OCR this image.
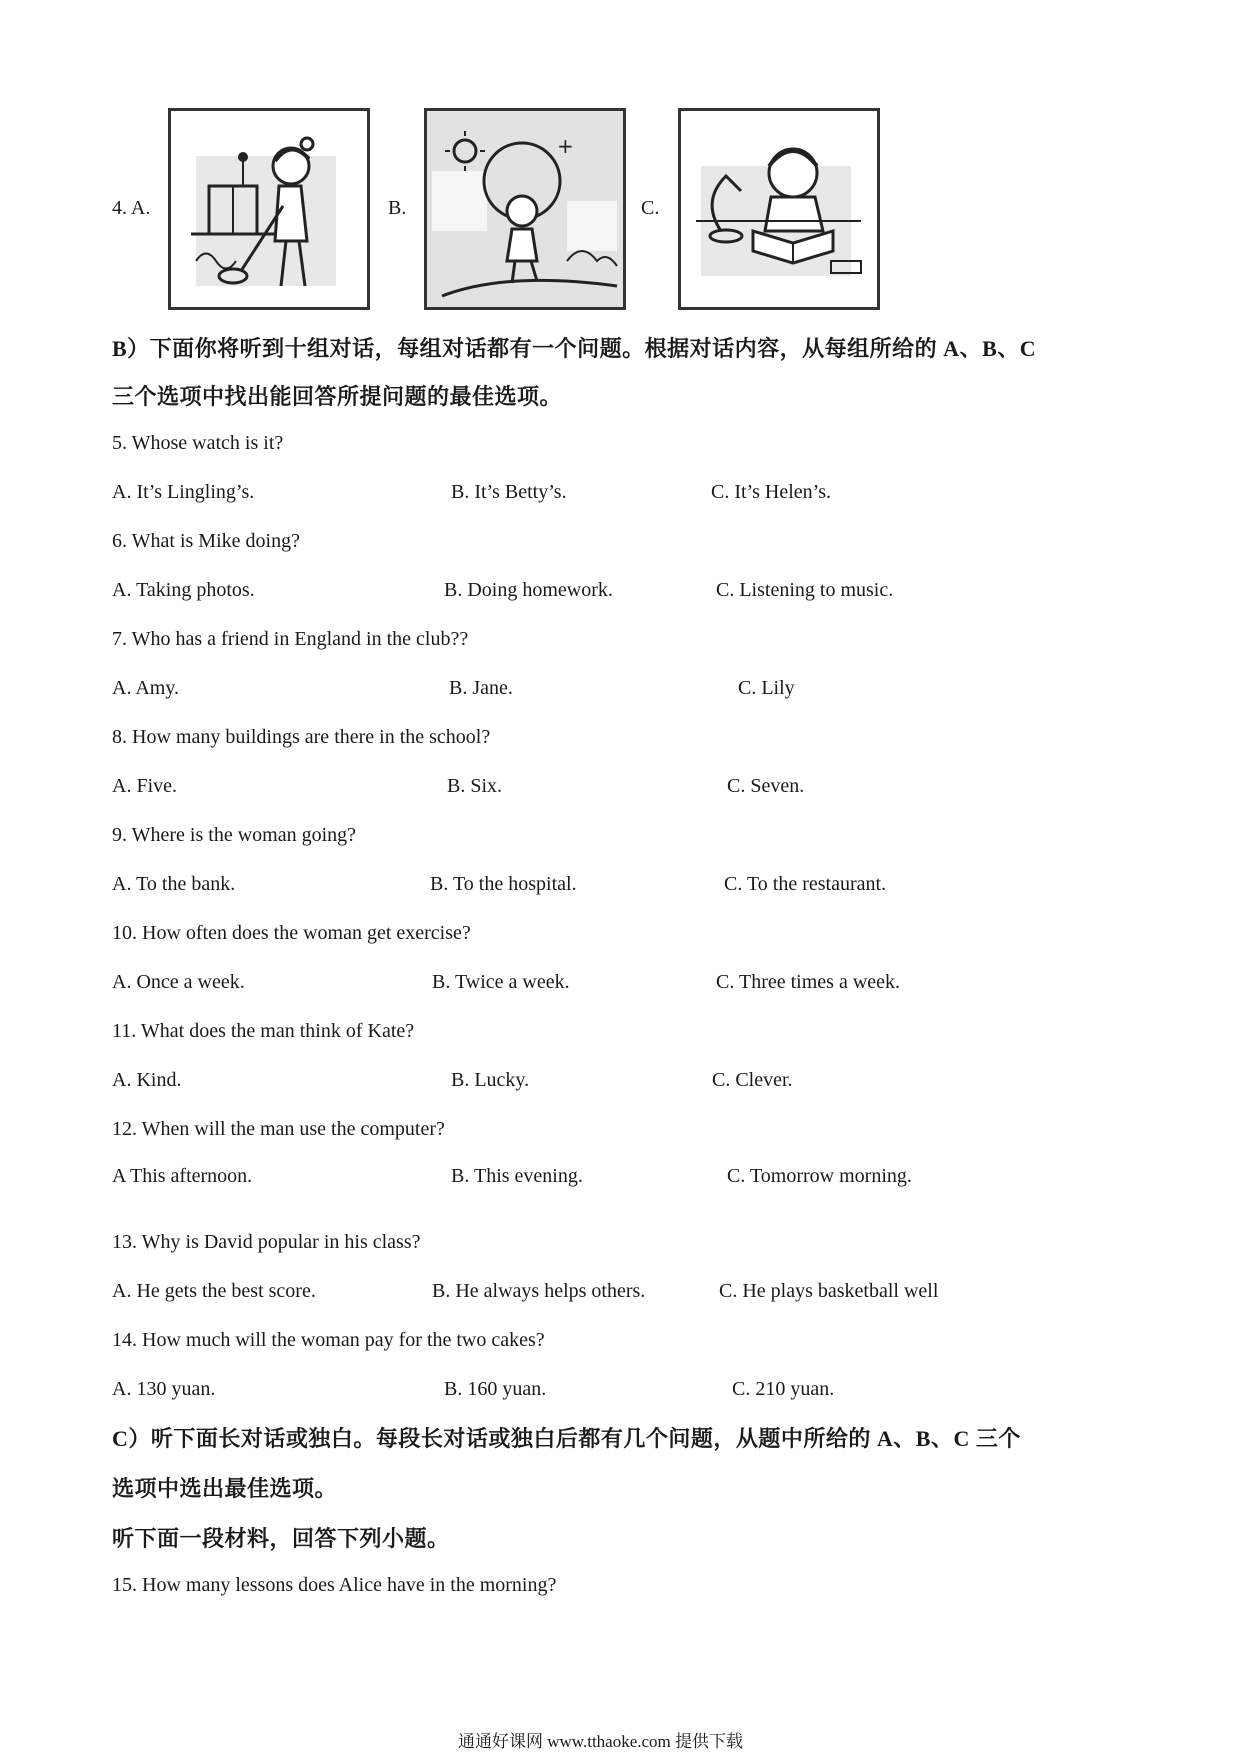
4. A.	B.
+
C.
B）下面你将听到十组对话，每组对话都有一个问题。根据对话内容，从每组所给的 A、B、C
三个选项中找出能回答所提问题的最佳选项。
5. Whose watch is it?
A. It’s Lingling’s.	B. It’s Betty’s.	C. It’s Helen’s.
6. What is Mike doing?
A. Taking photos.	B. Doing homework.	C. Listening to music.
7. Who has a friend in England in the club??
A. Amy.	B. Jane.	C. Lily
8. How many buildings are there in the school?
A. Five.	B. Six.	C. Seven.
9. Where is the woman going?
A. To the bank.	B. To the hospital.	C. To the restaurant.
10. How often does the woman get exercise?
A. Once a week.	B. Twice a week.	C. Three times a week.
11. What does the man think of Kate?
A. Kind.	B. Lucky.	C. Clever.
12. When will the man use the computer?
A This afternoon.	B. This evening.	C. Tomorrow morning.
13. Why is David popular in his class?
A. He gets the best score.	B. He always helps others.	C. He plays basketball well
14. How much will the woman pay for the two cakes?
A. 130 yuan.	B. 160 yuan.	C. 210 yuan.
C）听下面长对话或独白。每段长对话或独白后都有几个问题，从题中所给的 A、B、C 三个
选项中选出最佳选项。
听下面一段材料，回答下列小题。
15. How many lessons does Alice have in the morning?
通通好课网 www.tthaoke.com 提供下载
